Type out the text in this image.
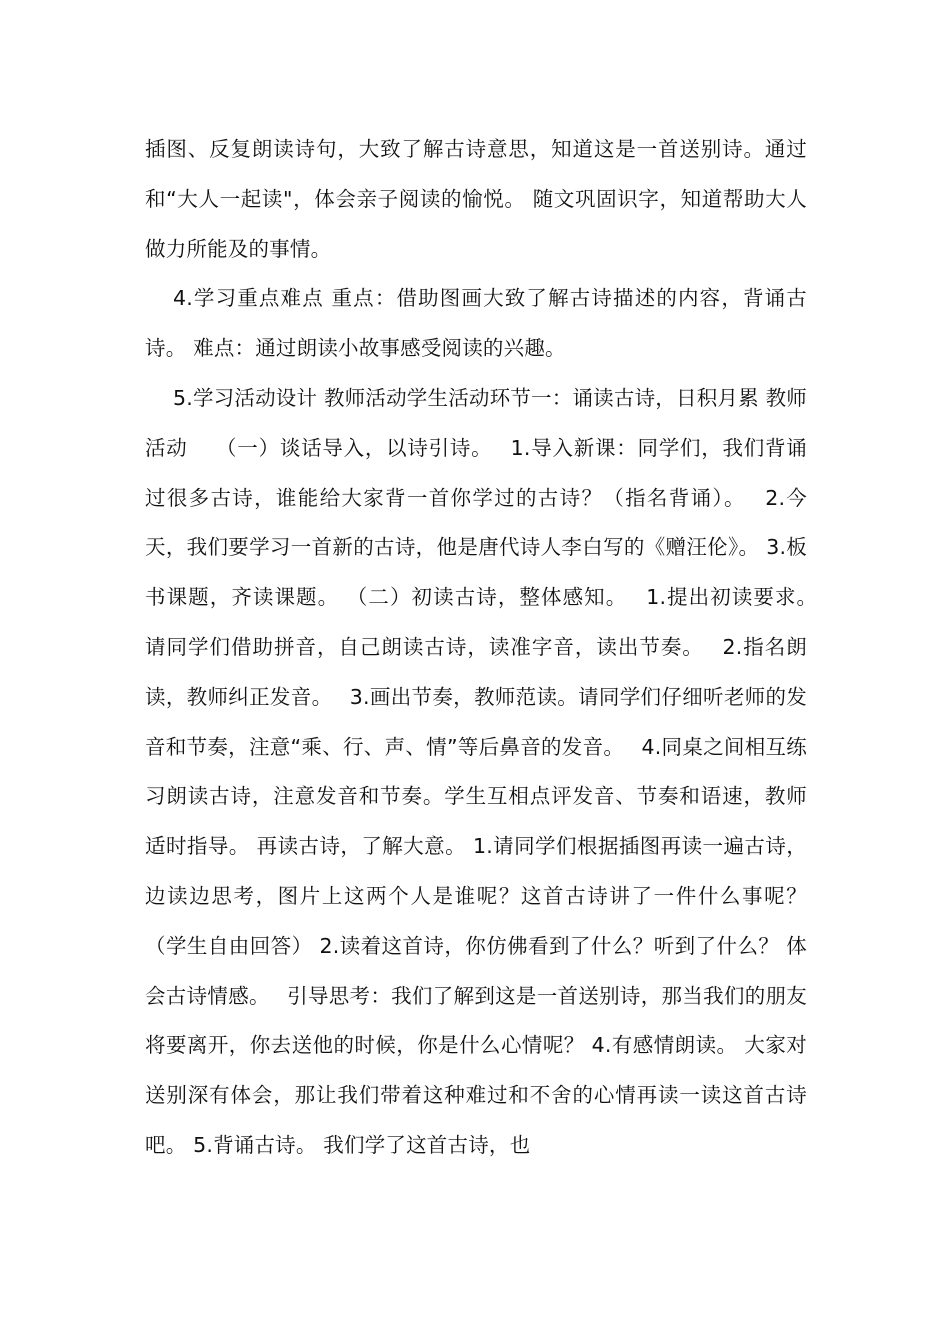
插图、反复朗读诗句，大致了解古诗意思，知道这是一首送别诗。通过和“大人一起读"，体会亲子阅读的愉悦。 随文巩固识字，知道帮助大人做力所能及的事情。

4.学习重点难点 重点：借助图画大致了解古诗描述的内容，背诵古诗。 难点：通过朗读小故事感受阅读的兴趣。

5.学习活动设计 教师活动学生活动环节一：诵读古诗，日积月累 教师活动　 （一）谈话导入，以诗引诗。　 1.导入新课：同学们，我们背诵过很多古诗，谁能给大家背一首你学过的古诗？（指名背诵）。　 2.今天，我们要学习一首新的古诗，他是唐代诗人李白写的《赠汪伦》。 3.板书课题，齐读课题。 （二）初读古诗，整体感知。　 1.提出初读要求。　 请同学们借助拼音，自己朗读古诗，读准字音，读出节奏。　 2.指名朗读，教师纠正发音。　 3.画出节奏，教师范读。请同学们仔细听老师的发音和节奏，注意“乘、行、声、情”等后鼻音的发音。　 4.同桌之间相互练习朗读古诗，注意发音和节奏。学生互相点评发音、节奏和语速，教师适时指导。 再读古诗，了解大意。 1.请同学们根据插图再读一遍古诗，边读边思考，图片上这两个人是谁呢？这首古诗讲了一件什么事呢？（学生自由回答） 2.读着这首诗，你仿佛看到了什么？听到了什么？ 体会古诗情感。　 引导思考：我们了解到这是一首送别诗，那当我们的朋友将要离开，你去送他的时候，你是什么心情呢？ 4.有感情朗读。 大家对送别深有体会，那让我们带着这种难过和不舍的心情再读一读这首古诗吧。 5.背诵古诗。 我们学了这首古诗，也
